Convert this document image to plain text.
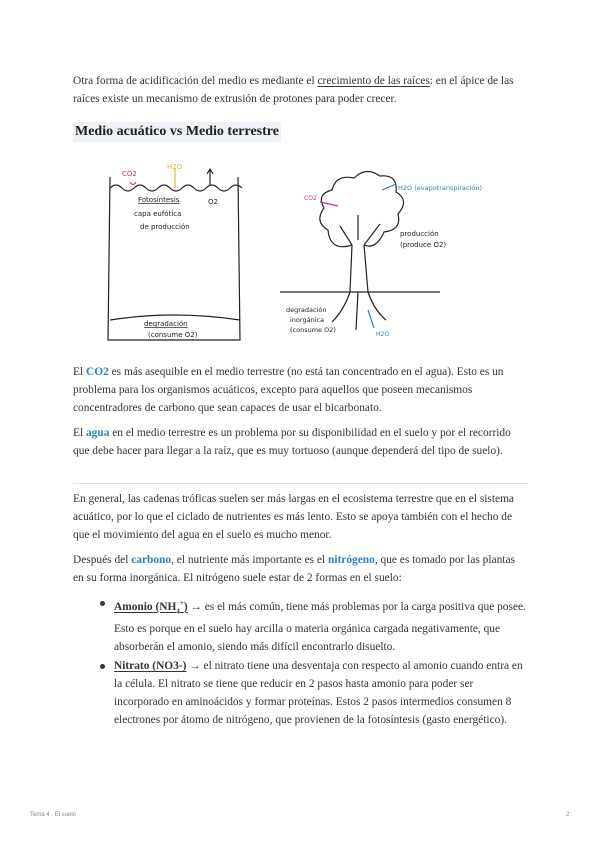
Otra forma de acidificación del medio es mediante el crecimiento de las raíces: en el ápice de las raíces existe un mecanismo de extrusión de protones para poder crecer.

Medio acuático vs Medio terrestre
CO2
H2O
O2
Fotosíntesis
capa eufótica
de producción
degradación
(consume O2)
CO2
H2O (evapotranspiración)
producción
(produce O2)
degradación
inorgánica
(consume O2)
H2O

El CO2 es más asequible en el medio terrestre (no está tan concentrado en el agua). Esto es un problema para los organismos acuáticos, excepto para aquellos que poseen mecanismos concentradores de carbono que sean capaces de usar el bicarbonato.

El agua en el medio terrestre es un problema por su disponibilidad en el suelo y por el recorrido que debe hacer para llegar a la raíz, que es muy tortuoso (aunque dependerá del tipo de suelo).

En general, las cadenas tróficas suelen ser más largas en el ecosistema terrestre que en el sistema acuático, por lo que el ciclado de nutrientes es más lento. Esto se apoya también con el hecho de que el movimiento del agua en el suelo es mucho menor.

Después del carbono, el nutriente más importante es el nitrógeno, que es tomado por las plantas en su forma inorgánica. El nitrógeno suele estar de 2 formas en el suelo:

Amonio $(NH_4^+)$ → es el más común, tiene más problemas por la carga positiva que posee. Esto es porque en el suelo hay arcilla o materia orgánica cargada negativamente, que absorberán el amonio, siendo más difícil encontrarlo disuelto.

Nitrato (NO3-) → el nitrato tiene una desventaja con respecto al amonio cuando entra en la célula. El nitrato se tiene que reducir en 2 pasos hasta amonio para poder ser incorporado en aminoácidos y formar proteínas. Estos 2 pasos intermedios consumen 8 electrones por átomo de nitrógeno, que provienen de la fotosíntesis (gasto energético).

Tema 4 . El suelo	2
